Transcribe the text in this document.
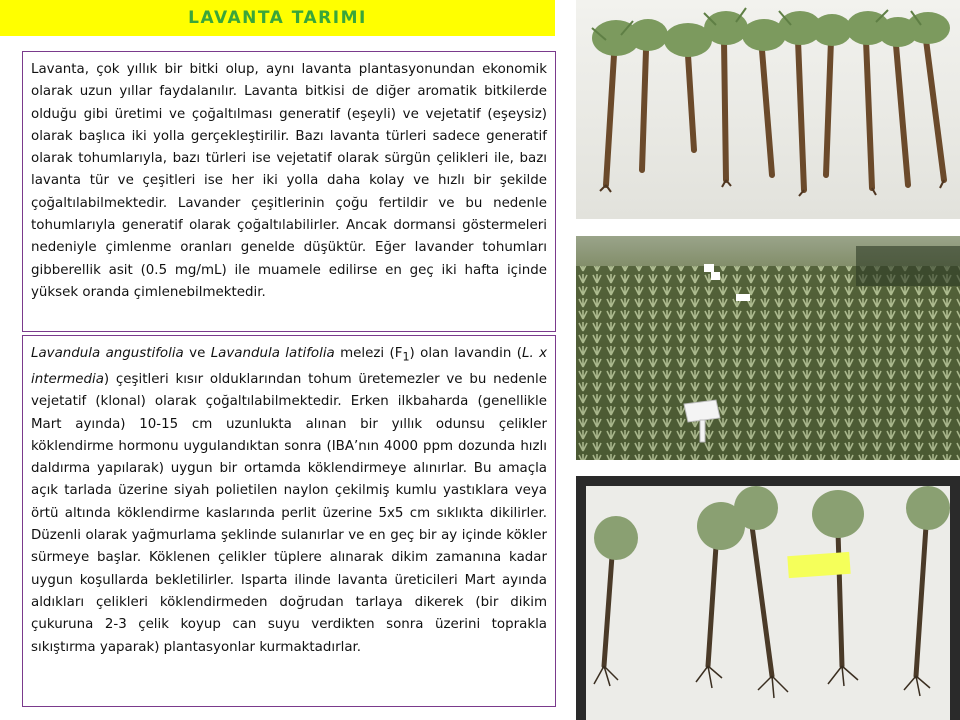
LAVANTA TARIMI

Lavanta, çok yıllık bir bitki olup, aynı lavanta plantasyonundan ekonomik olarak uzun yıllar faydalanılır. Lavanta bitkisi de diğer aromatik bitkilerde olduğu gibi üretimi ve çoğaltılması generatif (eşeyli) ve vejetatif (eşeysiz) olarak başlıca iki yolla gerçekleştirilir. Bazı lavanta türleri sadece generatif olarak tohumlarıyla, bazı türleri ise vejetatif olarak sürgün çelikleri ile, bazı lavanta tür ve çeşitleri ise her iki yolla daha kolay ve hızlı bir şekilde çoğaltılabilmektedir. Lavander çeşitlerinin çoğu fertildir ve bu nedenle tohumlarıyla generatif olarak çoğaltılabilirler. Ancak dormansi göstermeleri nedeniyle çimlenme oranları genelde düşüktür. Eğer lavander tohumları gibberellik asit (0.5 mg/mL) ile muamele edilirse en geç iki hafta içinde yüksek oranda çimlenebilmektedir.

Lavandula angustifolia ve Lavandula latifolia melezi $(F_1)$ olan lavandin (L. x intermedia) çeşitleri kısır olduklarından tohum üretemezler ve bu nedenle vejetatif (klonal) olarak çoğaltılabilmektedir. Erken ilkbaharda (genellikle Mart ayında) 10-15 cm uzunlukta alınan bir yıllık odunsu çelikler köklendirme hormonu uygulandıktan sonra (IBA’nın 4000 ppm dozunda hızlı daldırma yapılarak) uygun bir ortamda köklendirmeye alınırlar. Bu amaçla açık tarlada üzerine siyah polietilen naylon çekilmiş kumlu yastıklara veya örtü altında köklendirme kaslarında perlit üzerine 5x5 cm sıklıkta dikilirler. Düzenli olarak yağmurlama şeklinde sulanırlar ve en geç bir ay içinde kökler sürmeye başlar. Köklenen çelikler tüplere alınarak dikim zamanına kadar uygun koşullarda bekletilirler. Isparta ilinde lavanta üreticileri Mart ayında aldıkları çelikleri köklendirmeden doğrudan tarlaya dikerek (bir dikim çukuruna 2-3 çelik koyup can suyu verdikten sonra üzerini toprakla sıkıştırma yaparak) plantasyonlar kurmaktadırlar.
